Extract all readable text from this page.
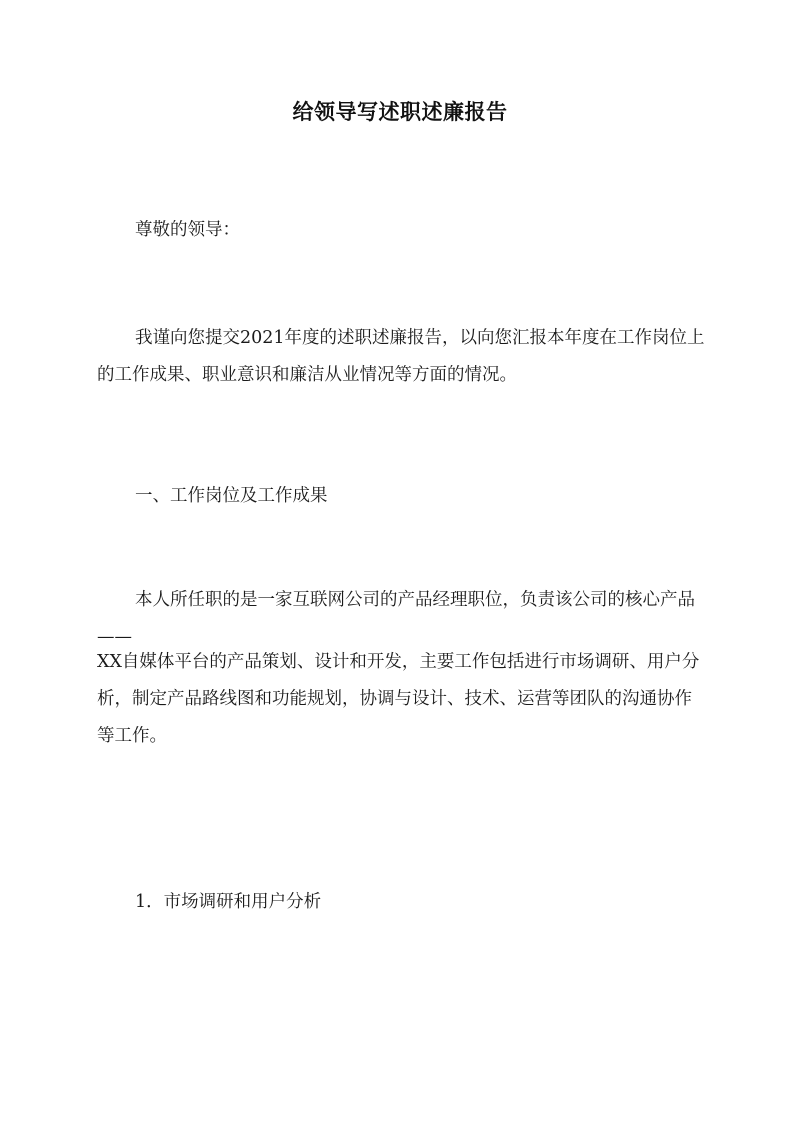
给领导写述职述廉报告

尊敬的领导：

我谨向您提交2021年度的述职述廉报告，以向您汇报本年度在工作岗位上的工作成果、职业意识和廉洁从业情况等方面的情况。

一、工作岗位及工作成果

本人所任职的是一家互联网公司的产品经理职位，负责该公司的核心产品——

XX自媒体平台的产品策划、设计和开发，主要工作包括进行市场调研、用户分析，制定产品路线图和功能规划，协调与设计、技术、运营等团队的沟通协作等工作。

1．市场调研和用户分析
